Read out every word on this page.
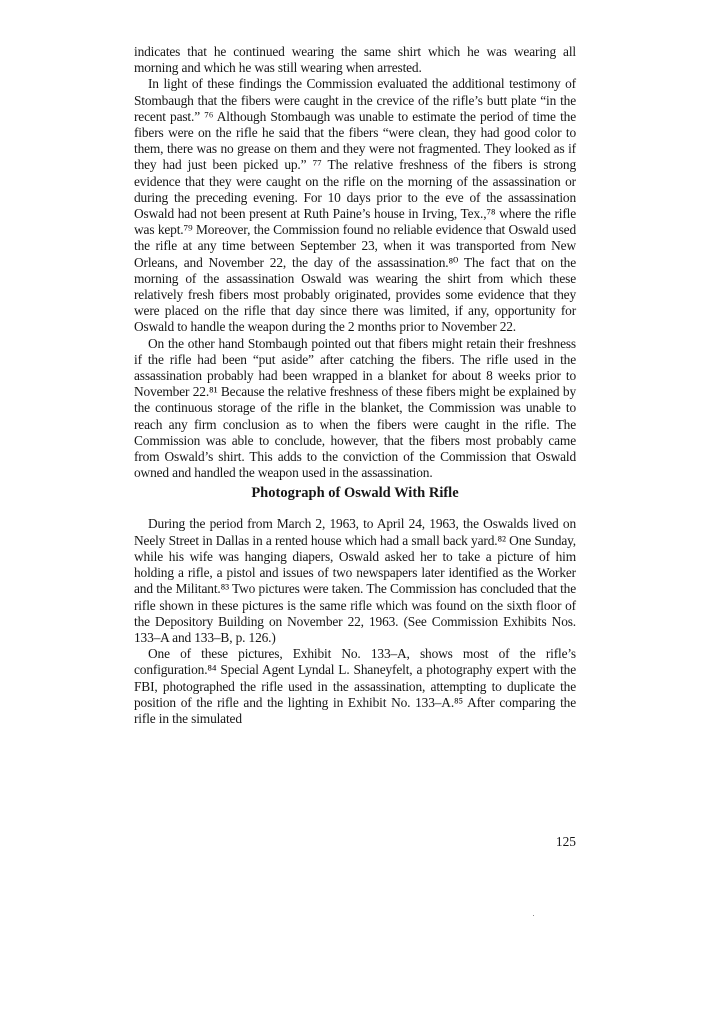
indicates that he continued wearing the same shirt which he was wearing all morning and which he was still wearing when arrested.

In light of these findings the Commission evaluated the additional testimony of Stombaugh that the fibers were caught in the crevice of the rifle’s butt plate “in the recent past.” ⁷⁶ Although Stombaugh was unable to estimate the period of time the fibers were on the rifle he said that the fibers “were clean, they had good color to them, there was no grease on them and they were not fragmented. They looked as if they had just been picked up.” ⁷⁷ The relative freshness of the fibers is strong evidence that they were caught on the rifle on the morning of the assassination or during the preceding evening. For 10 days prior to the eve of the assassination Oswald had not been present at Ruth Paine’s house in Irving, Tex.,⁷⁸ where the rifle was kept.⁷⁹ Moreover, the Commission found no reliable evidence that Oswald used the rifle at any time between September 23, when it was transported from New Orleans, and November 22, the day of the assassination.⁸⁰ The fact that on the morning of the assassination Oswald was wearing the shirt from which these relatively fresh fibers most probably originated, provides some evidence that they were placed on the rifle that day since there was limited, if any, opportunity for Oswald to handle the weapon during the 2 months prior to November 22.

On the other hand Stombaugh pointed out that fibers might retain their freshness if the rifle had been “put aside” after catching the fibers. The rifle used in the assassination probably had been wrapped in a blanket for about 8 weeks prior to November 22.⁸¹ Because the relative freshness of these fibers might be explained by the continuous storage of the rifle in the blanket, the Commission was unable to reach any firm conclusion as to when the fibers were caught in the rifle. The Commission was able to conclude, however, that the fibers most probably came from Oswald’s shirt. This adds to the conviction of the Commission that Oswald owned and handled the weapon used in the assassination.

Photograph of Oswald With Rifle

During the period from March 2, 1963, to April 24, 1963, the Oswalds lived on Neely Street in Dallas in a rented house which had a small back yard.⁸² One Sunday, while his wife was hanging diapers, Oswald asked her to take a picture of him holding a rifle, a pistol and issues of two newspapers later identified as the Worker and the Militant.⁸³ Two pictures were taken. The Commission has concluded that the rifle shown in these pictures is the same rifle which was found on the sixth floor of the Depository Building on November 22, 1963. (See Commission Exhibits Nos. 133–A and 133–B, p. 126.)

One of these pictures, Exhibit No. 133–A, shows most of the rifle’s configuration.⁸⁴ Special Agent Lyndal L. Shaneyfelt, a photography expert with the FBI, photographed the rifle used in the assassination, attempting to duplicate the position of the rifle and the lighting in Exhibit No. 133–A.⁸⁵ After comparing the rifle in the simulated

125
